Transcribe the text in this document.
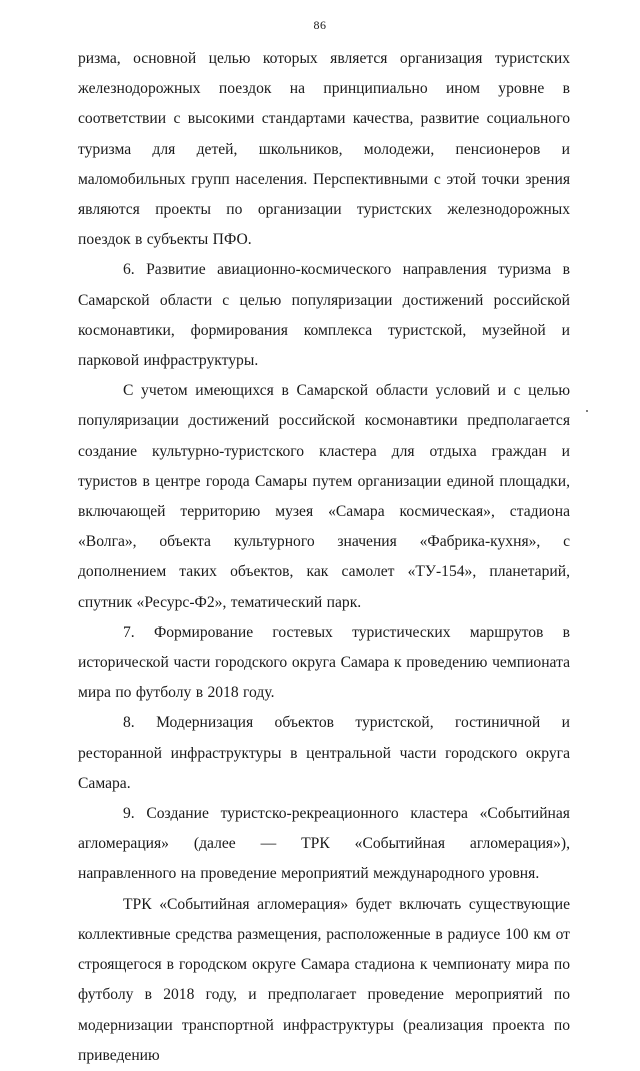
86

ризма, основной целью которых является организация туристских железнодорожных поездок на принципиально ином уровне в соответствии с высокими стандартами качества, развитие социального туризма для детей, школьников, молодежи, пенсионеров и маломобильных групп населения. Перспективными с этой точки зрения являются проекты по организации туристских железнодорожных поездок в субъекты ПФО.

6. Развитие авиационно-космического направления туризма в Самарской области с целью популяризации достижений российской космонавтики, формирования комплекса туристской, музейной и парковой инфраструктуры.

С учетом имеющихся в Самарской области условий и с целью популяризации достижений российской космонавтики предполагается создание культурно-туристского кластера для отдыха граждан и туристов в центре города Самары путем организации единой площадки, включающей территорию музея «Самара космическая», стадиона «Волга», объекта культурного значения «Фабрика-кухня», с дополнением таких объектов, как самолет «ТУ-154», планетарий, спутник «Ресурс-Ф2», тематический парк.

7. Формирование гостевых туристических маршрутов в исторической части городского округа Самара к проведению чемпионата мира по футболу в 2018 году.

8. Модернизация объектов туристской, гостиничной и ресторанной инфраструктуры в центральной части городского округа Самара.

9. Создание туристско-рекреационного кластера «Событийная агломерация» (далее — ТРК «Событийная агломерация»), направленного на проведение мероприятий международного уровня.

ТРК «Событийная агломерация» будет включать существующие коллективные средства размещения, расположенные в радиусе 100 км от строящегося в городском округе Самара стадиона к чемпионату мира по футболу в 2018 году, и предполагает проведение мероприятий по модернизации транспортной инфраструктуры (реализация проекта по приведению
